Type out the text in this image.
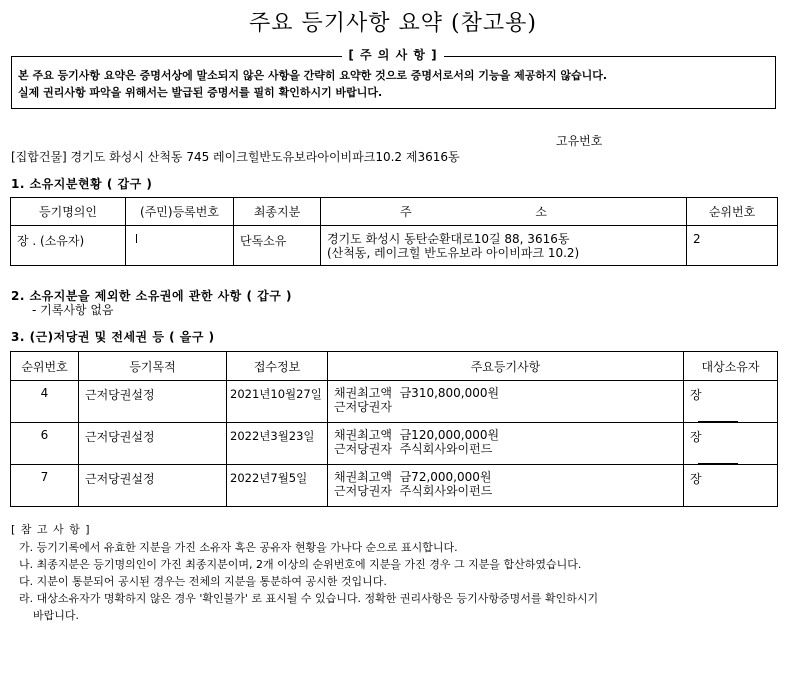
주요 등기사항 요약 (참고용)
[ 주 의 사 항 ]
본 주요 등기사항 요약은 증명서상에 말소되지 않은 사항을 간략히 요약한 것으로 증명서로서의 기능을 제공하지 않습니다.
실제 권리사항 파악을 위해서는 발급된 증명서를 필히 확인하시기 바랍니다.
고유번호
[집합건물] 경기도 화성시 산척동 745 레이크힐반도유보라아이비파크10.2 제3616동
1. 소유지분현황 ( 갑구 )
등기명의인	(주민)등록번호	최종지분	주 소	순위번호
장 . (소유자)		단독소유	경기도 화성시 동탄순환대로10길 88, 3616동
(산척동, 레이크힐 반도유보라 아이비파크 10.2)	2
2. 소유지분을 제외한 소유권에 관한 사항 ( 갑구 )
- 기록사항 없음
3. (근)저당권 및 전세권 등 ( 을구 )
순위번호	등기목적	접수정보	주요등기사항	대상소유자
4	근저당권설정	2021년10월27일	채권최고액  금310,800,000원
근저당권자	장
6	근저당권설정	2022년3월23일	채권최고액  금120,000,000원
근저당권자  주식회사와이펀드	장
7	근저당권설정	2022년7월5일	채권최고액  금72,000,000원
근저당권자  주식회사와이펀드	장
[ 참 고 사 항 ]
가. 등기기록에서 유효한 지분을 가진 소유자 혹은 공유자 현황을 가나다 순으로 표시합니다.
나. 최종지분은 등기명의인이 가진 최종지분이며, 2개 이상의 순위번호에 지분을 가진 경우 그 지분을 합산하였습니다.
다. 지분이 통분되어 공시된 경우는 전체의 지분을 통분하여 공시한 것입니다.
라. 대상소유자가 명확하지 않은 경우 '확인불가' 로 표시될 수 있습니다. 정확한 권리사항은 등기사항증명서를 확인하시기
바랍니다.
